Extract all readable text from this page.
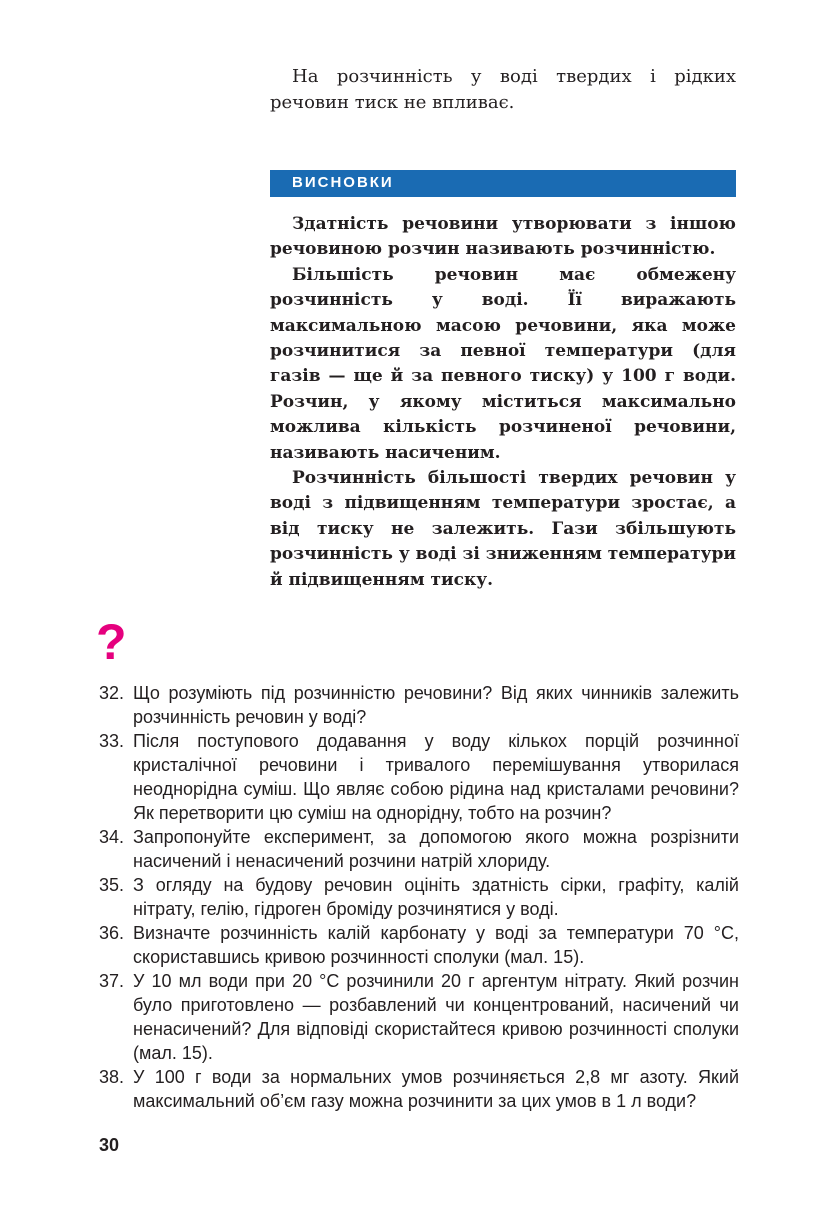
На розчинність у воді твердих і рідких речовин тиск не впливає.

ВИСНОВКИ

Здатність речовини утворювати з іншою речовиною розчин називають розчинністю.

Більшість речовин має обмежену розчинність у воді. Її виражають максимальною масою речовини, яка може розчинитися за певної температури (для газів — ще й за певного тиску) у 100 г води. Розчин, у якому міститься максимально можлива кількість розчиненої речовини, називають насиченим.

Розчинність більшості твердих речовин у воді з підвищенням температури зростає, а від тиску не залежить. Гази збільшують розчинність у воді зі зниженням температури й підвищенням тиску.

?
32. Що розуміють під розчинністю речовини? Від яких чинників залежить розчинність речовин у воді?
33. Після поступового додавання у воду кількох порцій розчинної кристалічної речовини і тривалого перемішування утворилася неоднорідна суміш. Що являє собою рідина над кристалами речовини? Як перетворити цю суміш на однорідну, тобто на розчин?
34. Запропонуйте експеримент, за допомогою якого можна розрізнити насичений і ненасичений розчини натрій хлориду.
35. З огляду на будову речовин оцініть здатність сірки, графіту, калій нітрату, гелію, гідроген броміду розчинятися у воді.
36. Визначте розчинність калій карбонату у воді за температури 70 °С, скориставшись кривою розчинності сполуки (мал. 15).
37. У 10 мл води при 20 °С розчинили 20 г аргентум нітрату. Який розчин було приготовлено — розбавлений чи концентрований, насичений чи ненасичений? Для відповіді скористайтеся кривою розчинності сполуки (мал. 15).
38. У 100 г води за нормальних умов розчиняється 2,8 мг азоту. Який максимальний об’єм газу можна розчинити за цих умов в 1 л води?
30
